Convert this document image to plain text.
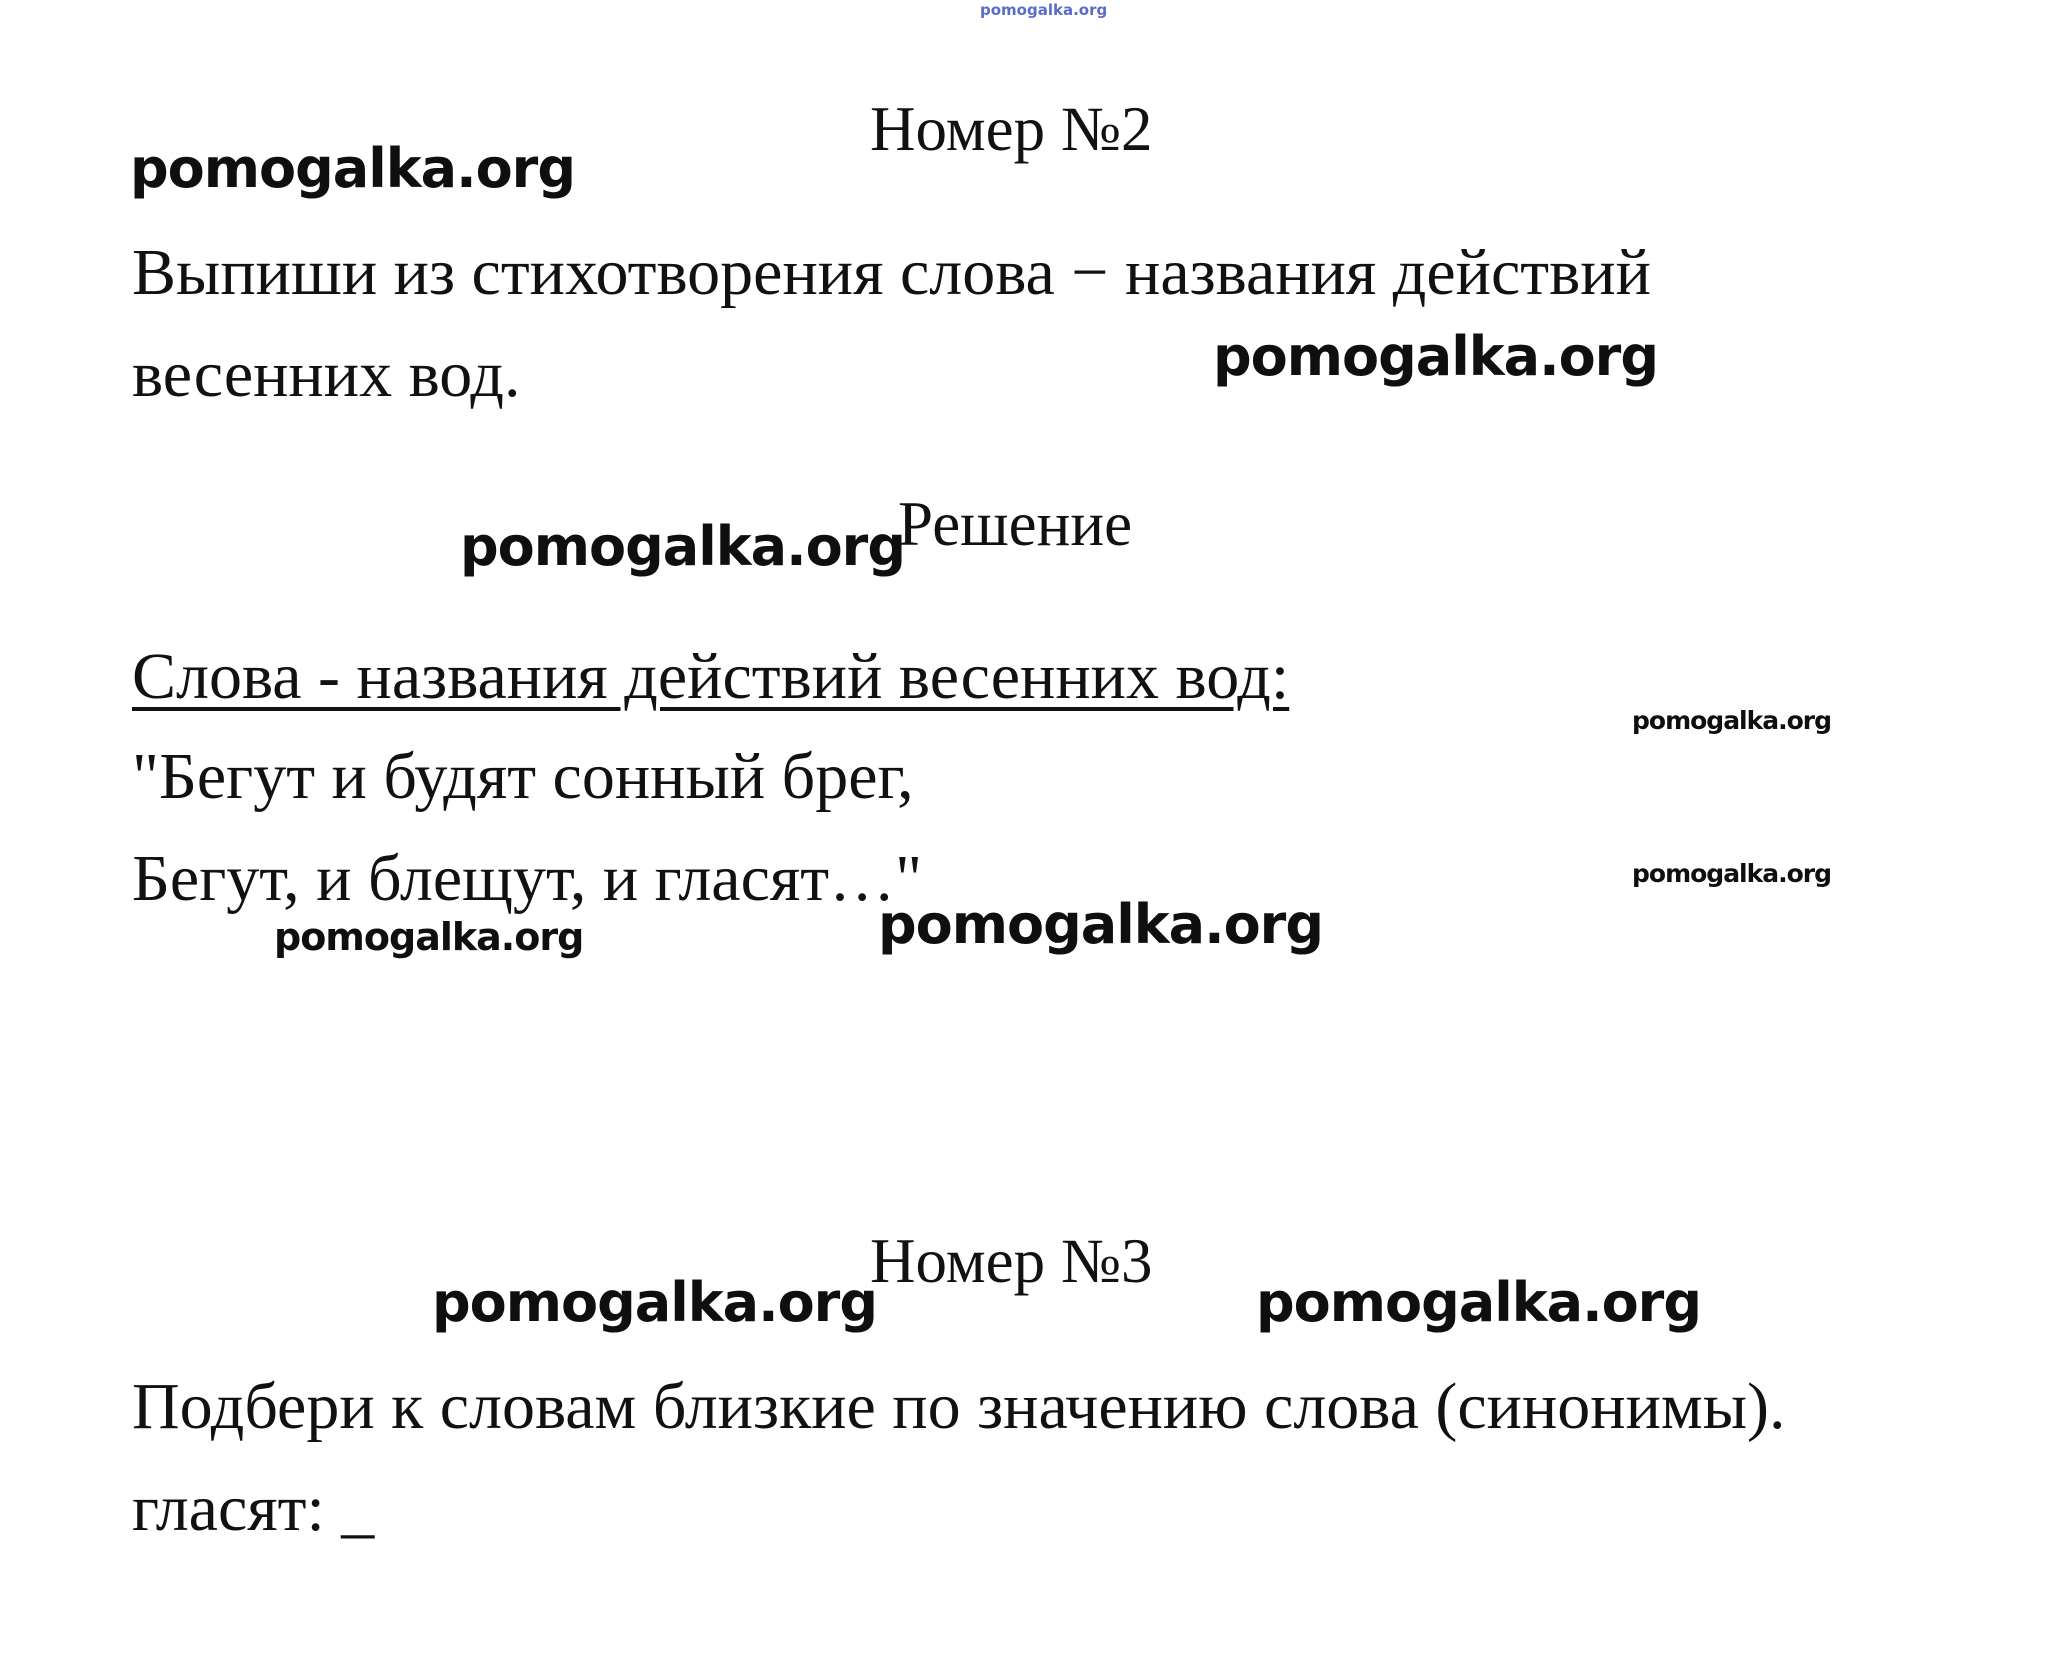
pomogalka.org
Номер №2
pomogalka.org
Выпиши из стихотворения слова − названия действий
весенних вод.	pomogalka.org
pomogalka.org
Решение
Слова - названия действий весенних вод:
pomogalka.org
"Бегут и будят сонный брег,
Бегут, и блещут, и гласят…"	pomogalka.org
pomogalka.org	pomogalka.org
Номер №3
pomogalka.org	pomogalka.org
Подбери к словам близкие по значению слова (синонимы).
гласят: _
